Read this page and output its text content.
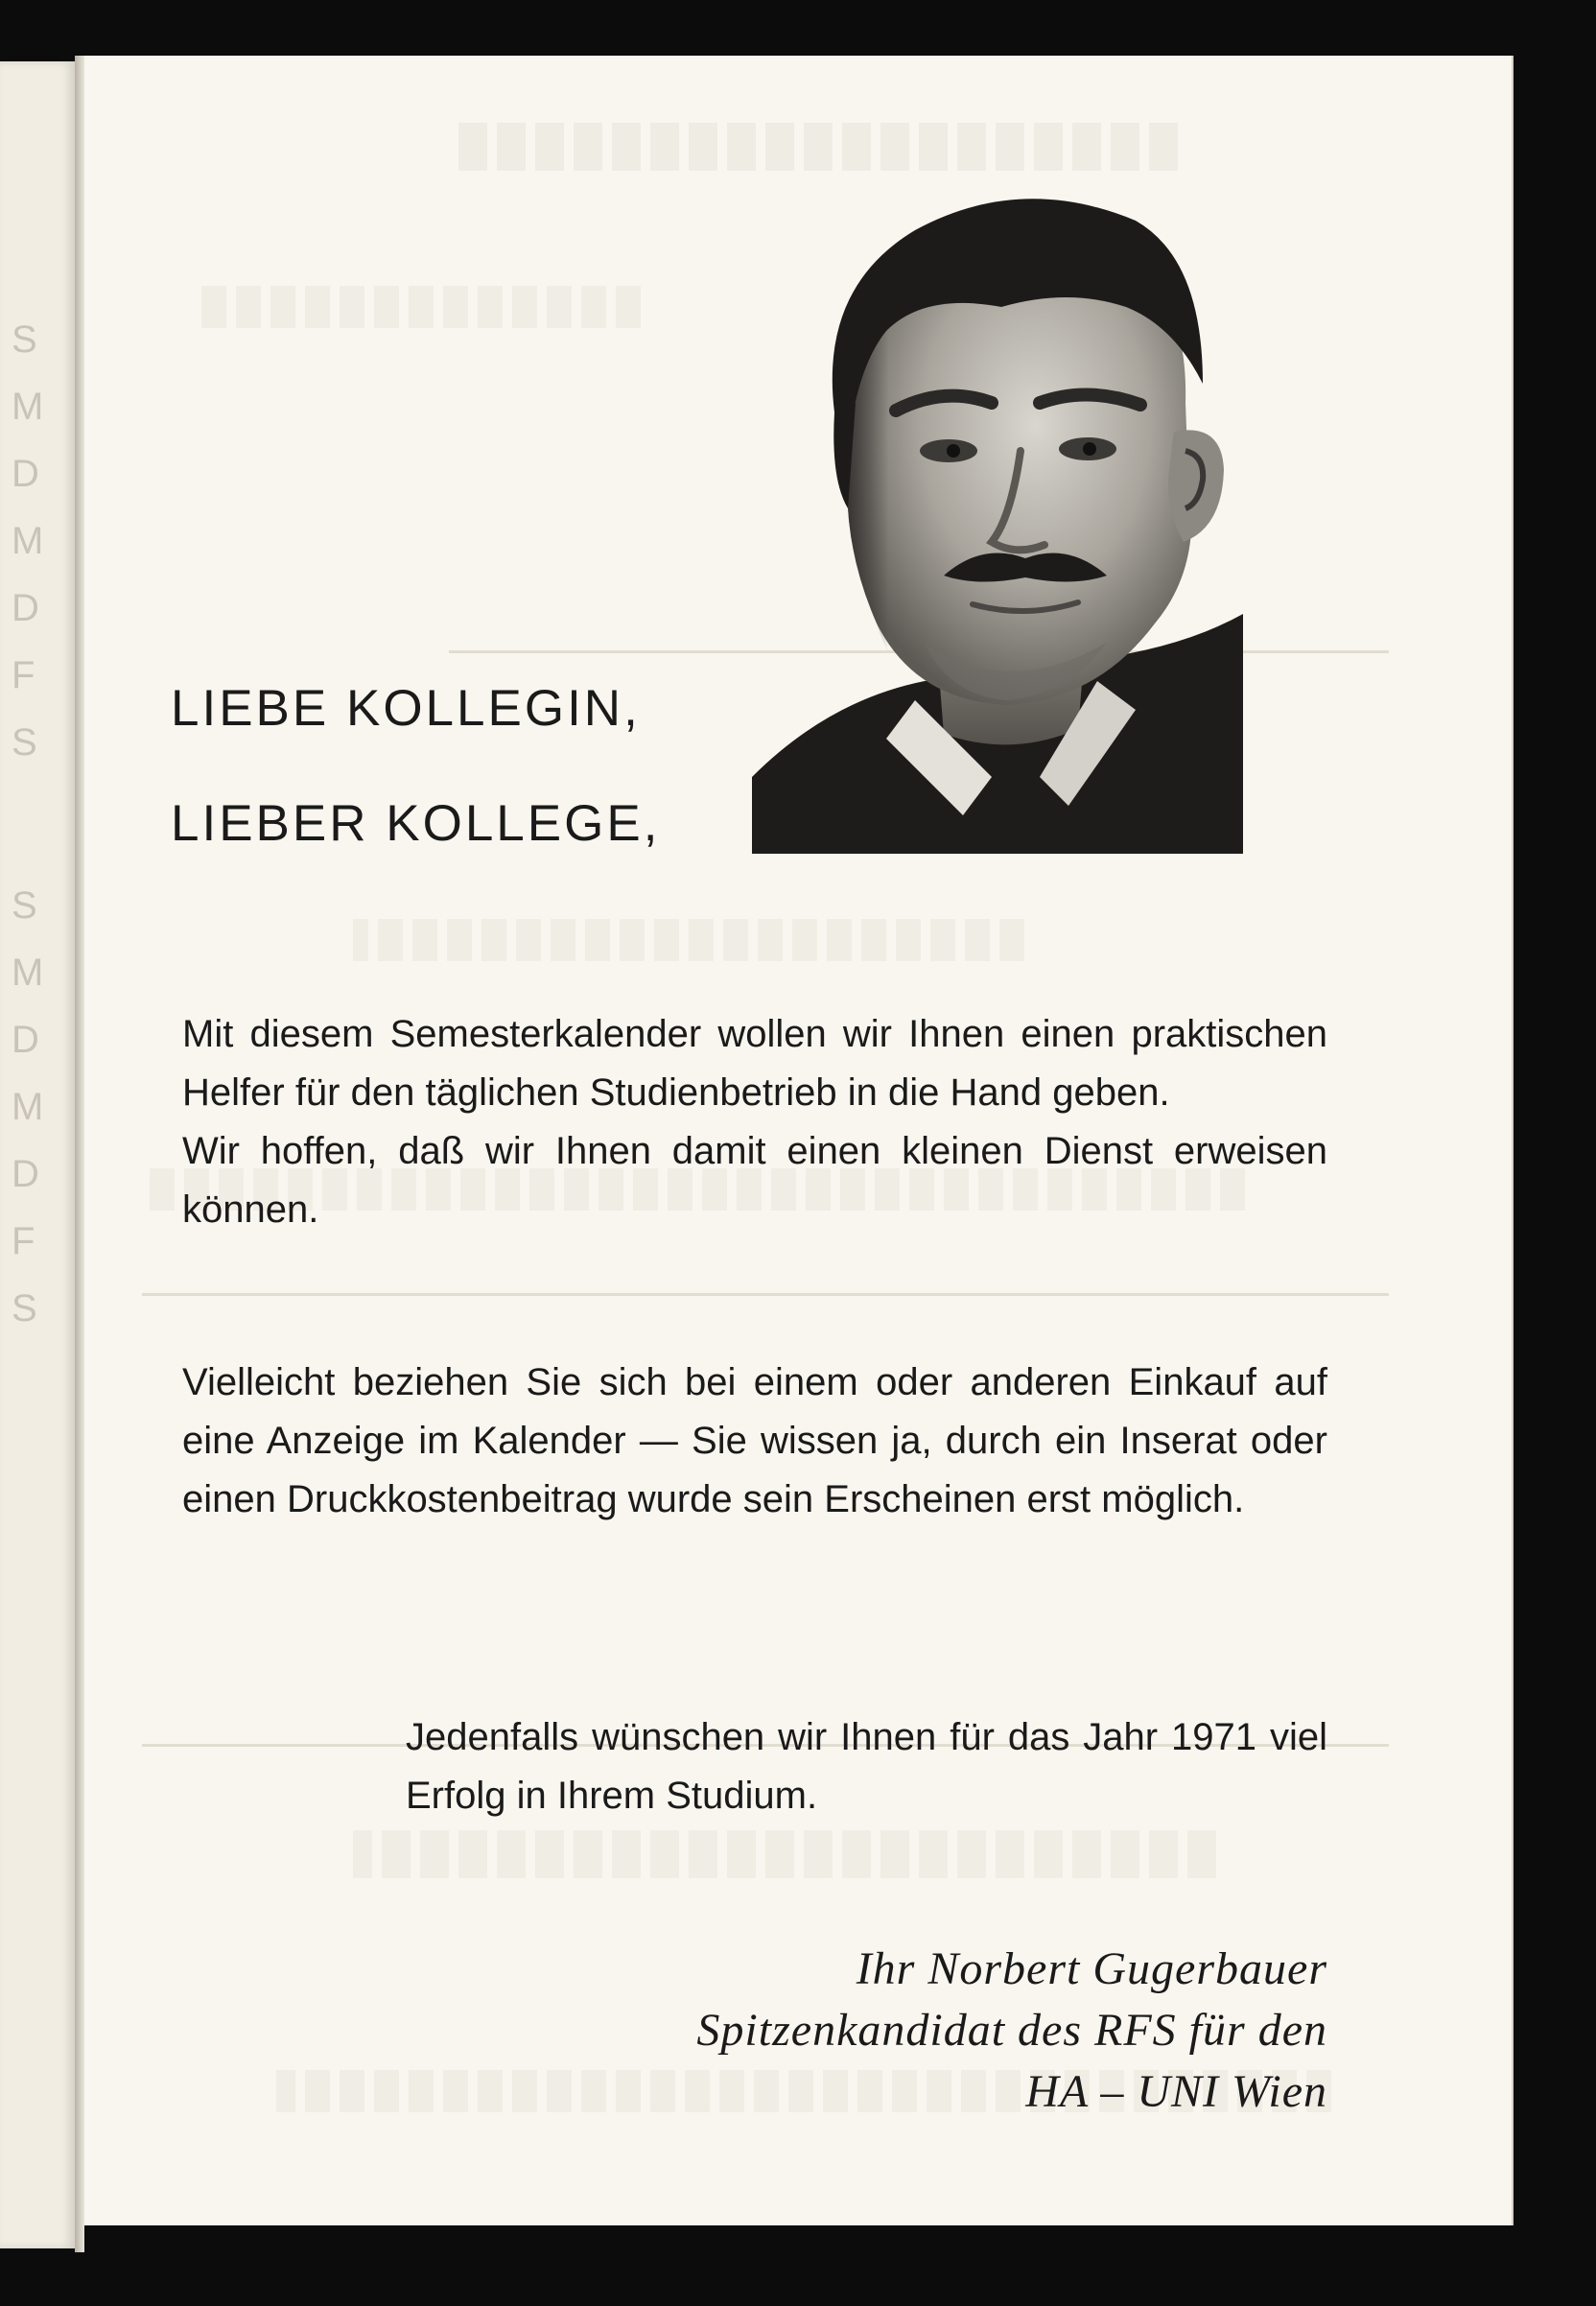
S
M
D
M
D
F
S
S
M
D
M
D
F
S
LIEBE KOLLEGIN,
LIEBER KOLLEGE,

Mit diesem Semesterkalender wollen wir Ihnen einen praktischen Helfer für den täglichen Studienbetrieb in die Hand geben.

Wir hoffen, daß wir Ihnen damit einen kleinen Dienst erweisen können.

Vielleicht beziehen Sie sich bei einem oder anderen Einkauf auf eine Anzeige im Kalender — Sie wissen ja, durch ein Inserat oder einen Druckkostenbeitrag wurde sein Erscheinen erst möglich.

Jedenfalls wünschen wir Ihnen für das Jahr 1971 viel Erfolg in Ihrem Studium.

Ihr Norbert Gugerbauer
Spitzenkandidat des RFS für den
HA – UNI Wien
